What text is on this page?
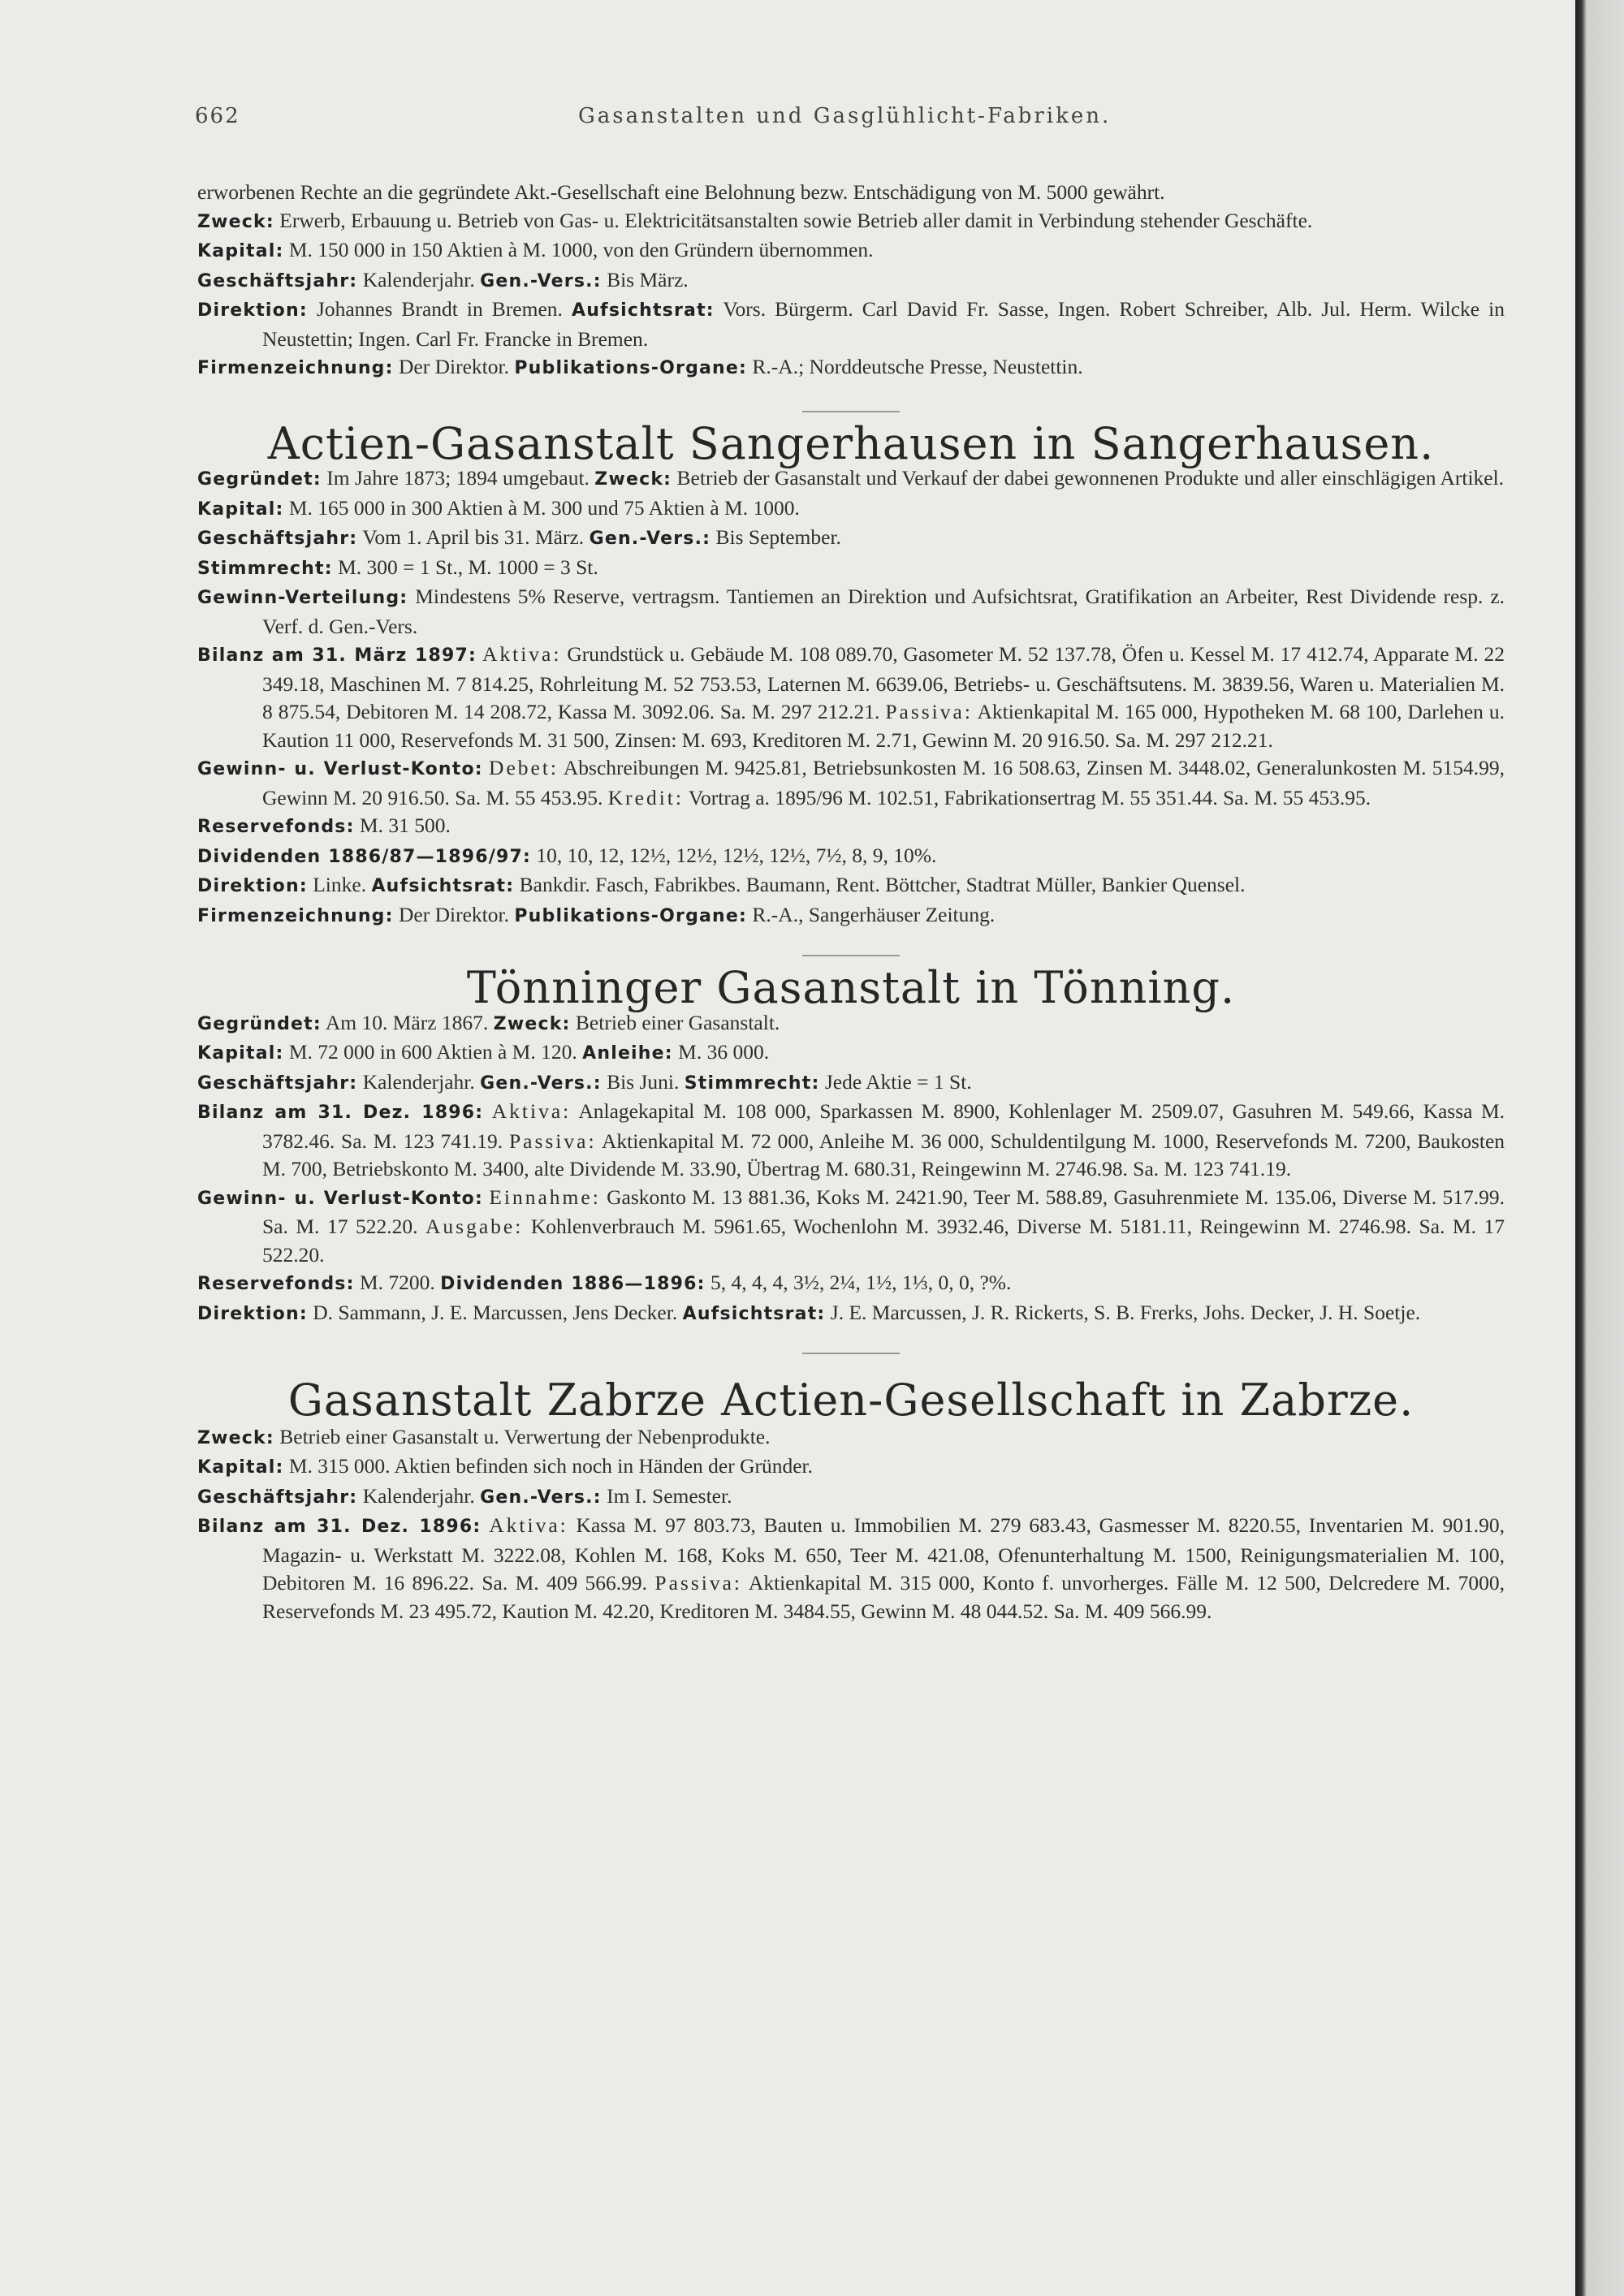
662	Gasanstalten und Gasglühlicht-Fabriken.

erworbenen Rechte an die gegründete Akt.-Gesellschaft eine Belohnung bezw. Entschädigung von M. 5000 gewährt.

Zweck: Erwerb, Erbauung u. Betrieb von Gas- u. Elektricitätsanstalten sowie Betrieb aller damit in Verbindung stehender Geschäfte.

Kapital: M. 150 000 in 150 Aktien à M. 1000, von den Gründern übernommen.

Geschäftsjahr: Kalenderjahr. Gen.-Vers.: Bis März.

Direktion: Johannes Brandt in Bremen. Aufsichtsrat: Vors. Bürgerm. Carl David Fr. Sasse, Ingen. Robert Schreiber, Alb. Jul. Herm. Wilcke in Neustettin; Ingen. Carl Fr. Francke in Bremen.

Firmenzeichnung: Der Direktor. Publikations-Organe: R.-A.; Norddeutsche Presse, Neustettin.

Actien-Gasanstalt Sangerhausen in Sangerhausen.

Gegründet: Im Jahre 1873; 1894 umgebaut. Zweck: Betrieb der Gasanstalt und Verkauf der dabei gewonnenen Produkte und aller einschlägigen Artikel.

Kapital: M. 165 000 in 300 Aktien à M. 300 und 75 Aktien à M. 1000.

Geschäftsjahr: Vom 1. April bis 31. März. Gen.-Vers.: Bis September.

Stimmrecht: M. 300 = 1 St., M. 1000 = 3 St.

Gewinn-Verteilung: Mindestens 5% Reserve, vertragsm. Tantiemen an Direktion und Aufsichtsrat, Gratifikation an Arbeiter, Rest Dividende resp. z. Verf. d. Gen.-Vers.

Bilanz am 31. März 1897: Aktiva: Grundstück u. Gebäude M. 108 089.70, Gasometer M. 52 137.78, Öfen u. Kessel M. 17 412.74, Apparate M. 22 349.18, Maschinen M. 7 814.25, Rohrleitung M. 52 753.53, Laternen M. 6639.06, Betriebs- u. Geschäftsutens. M. 3839.56, Waren u. Materialien M. 8 875.54, Debitoren M. 14 208.72, Kassa M. 3092.06. Sa. M. 297 212.21. Passiva: Aktienkapital M. 165 000, Hypotheken M. 68 100, Darlehen u. Kaution 11 000, Reservefonds M. 31 500, Zinsen: M. 693, Kreditoren M. 2.71, Gewinn M. 20 916.50. Sa. M. 297 212.21.

Gewinn- u. Verlust-Konto: Debet: Abschreibungen M. 9425.81, Betriebsunkosten M. 16 508.63, Zinsen M. 3448.02, Generalunkosten M. 5154.99, Gewinn M. 20 916.50. Sa. M. 55 453.95. Kredit: Vortrag a. 1895/96 M. 102.51, Fabrikationsertrag M. 55 351.44. Sa. M. 55 453.95.

Reservefonds: M. 31 500.

Dividenden 1886/87—1896/97: 10, 10, 12, 12½, 12½, 12½, 12½, 7½, 8, 9, 10%.

Direktion: Linke. Aufsichtsrat: Bankdir. Fasch, Fabrikbes. Baumann, Rent. Böttcher, Stadtrat Müller, Bankier Quensel.

Firmenzeichnung: Der Direktor. Publikations-Organe: R.-A., Sangerhäuser Zeitung.

Tönninger Gasanstalt in Tönning.

Gegründet: Am 10. März 1867. Zweck: Betrieb einer Gasanstalt.

Kapital: M. 72 000 in 600 Aktien à M. 120. Anleihe: M. 36 000.

Geschäftsjahr: Kalenderjahr. Gen.-Vers.: Bis Juni. Stimmrecht: Jede Aktie = 1 St.

Bilanz am 31. Dez. 1896: Aktiva: Anlagekapital M. 108 000, Sparkassen M. 8900, Kohlenlager M. 2509.07, Gasuhren M. 549.66, Kassa M. 3782.46. Sa. M. 123 741.19. Passiva: Aktienkapital M. 72 000, Anleihe M. 36 000, Schuldentilgung M. 1000, Reservefonds M. 7200, Baukosten M. 700, Betriebskonto M. 3400, alte Dividende M. 33.90, Übertrag M. 680.31, Reingewinn M. 2746.98. Sa. M. 123 741.19.

Gewinn- u. Verlust-Konto: Einnahme: Gaskonto M. 13 881.36, Koks M. 2421.90, Teer M. 588.89, Gasuhrenmiete M. 135.06, Diverse M. 517.99. Sa. M. 17 522.20. Ausgabe: Kohlenverbrauch M. 5961.65, Wochenlohn M. 3932.46, Diverse M. 5181.11, Reingewinn M. 2746.98. Sa. M. 17 522.20.

Reservefonds: M. 7200. Dividenden 1886—1896: 5, 4, 4, 4, 3½, 2¼, 1½, 1⅓, 0, 0, ?%.

Direktion: D. Sammann, J. E. Marcussen, Jens Decker. Aufsichtsrat: J. E. Marcussen, J. R. Rickerts, S. B. Frerks, Johs. Decker, J. H. Soetje.

Gasanstalt Zabrze Actien-Gesellschaft in Zabrze.

Zweck: Betrieb einer Gasanstalt u. Verwertung der Nebenprodukte.

Kapital: M. 315 000. Aktien befinden sich noch in Händen der Gründer.

Geschäftsjahr: Kalenderjahr. Gen.-Vers.: Im I. Semester.

Bilanz am 31. Dez. 1896: Aktiva: Kassa M. 97 803.73, Bauten u. Immobilien M. 279 683.43, Gasmesser M. 8220.55, Inventarien M. 901.90, Magazin- u. Werkstatt M. 3222.08, Kohlen M. 168, Koks M. 650, Teer M. 421.08, Ofenunterhaltung M. 1500, Reinigungsmaterialien M. 100, Debitoren M. 16 896.22. Sa. M. 409 566.99. Passiva: Aktienkapital M. 315 000, Konto f. unvorherges. Fälle M. 12 500, Delcredere M. 7000, Reservefonds M. 23 495.72, Kaution M. 42.20, Kreditoren M. 3484.55, Gewinn M. 48 044.52. Sa. M. 409 566.99.
